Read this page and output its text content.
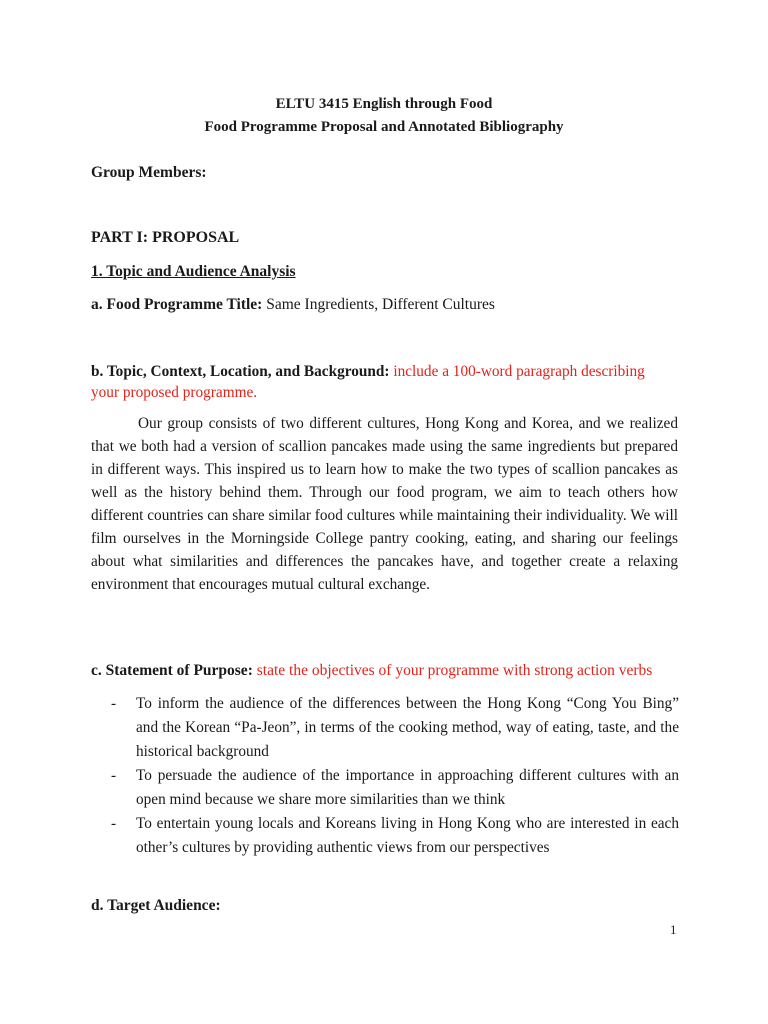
ELTU 3415 English through Food
Food Programme Proposal and Annotated Bibliography
Group Members:
PART I: PROPOSAL
1. Topic and Audience Analysis
a. Food Programme Title: Same Ingredients, Different Cultures
b. Topic, Context, Location, and Background: include a 100-word paragraph describing
your proposed programme.

Our group consists of two different cultures, Hong Kong and Korea, and we realized that we both had a version of scallion pancakes made using the same ingredients but prepared in different ways. This inspired us to learn how to make the two types of scallion pancakes as well as the history behind them. Through our food program, we aim to teach others how different countries can share similar food cultures while maintaining their individuality. We will film ourselves in the Morningside College pantry cooking, eating, and sharing our feelings about what similarities and differences the pancakes have, and together create a relaxing environment that encourages mutual cultural exchange.

c. Statement of Purpose: state the objectives of your programme with strong action verbs
- To inform the audience of the differences between the Hong Kong “Cong You Bing” and the Korean “Pa-Jeon”, in terms of the cooking method, way of eating, taste, and the historical background
- To persuade the audience of the importance in approaching different cultures with an open mind because we share more similarities than we think
- To entertain young locals and Koreans living in Hong Kong who are interested in each other’s cultures by providing authentic views from our perspectives
d. Target Audience:
1
